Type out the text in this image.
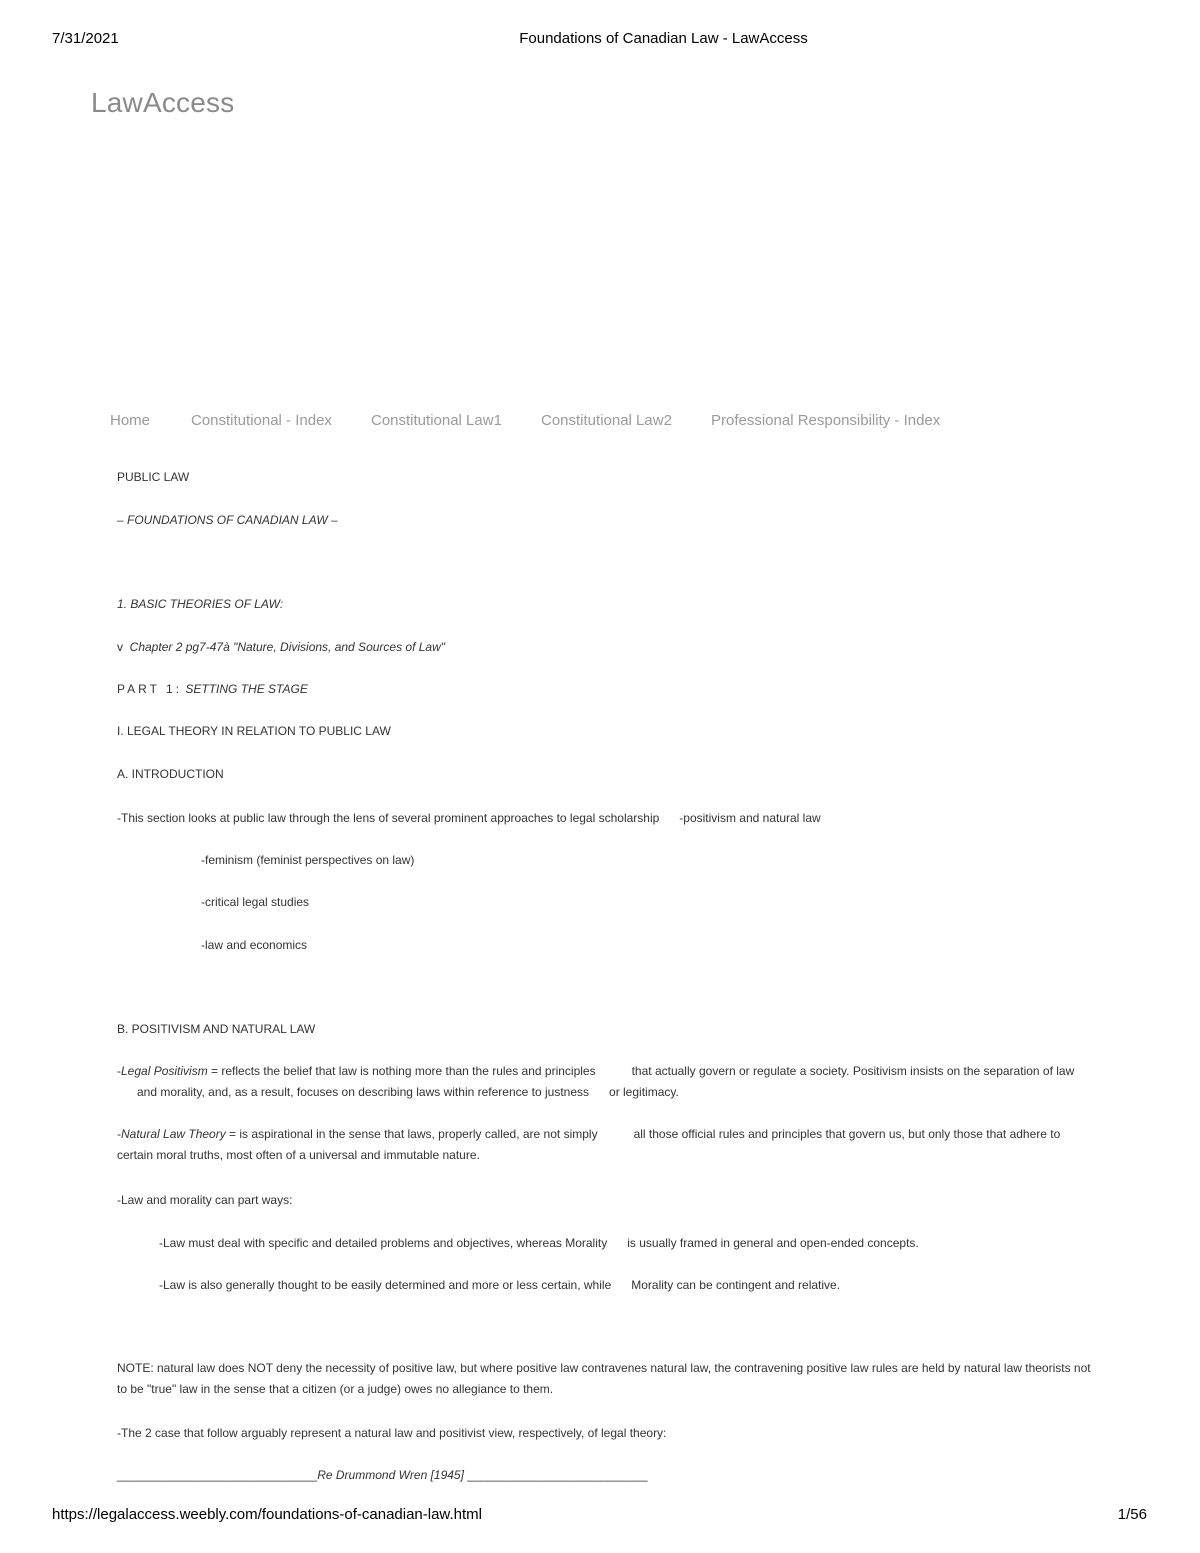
7/31/2021	Foundations of Canadian Law - LawAccess
LawAccess
Home	Constitutional - Index	Constitutional Law1	Constitutional Law2	Professional Responsibility - Index
PUBLIC LAW
– FOUNDATIONS OF CANADIAN LAW –
1. BASIC THEORIES OF LAW:
v Chapter 2 pg7-47à "Nature, Divisions, and Sources of Law"
PART 1: SETTING THE STAGE
I. LEGAL THEORY IN RELATION TO PUBLIC LAW
A. INTRODUCTION
-This section looks at public law through the lens of several prominent approaches to legal scholarship -positivism and natural law
-feminism (feminist perspectives on law)
-critical legal studies
-law and economics
B. POSITIVISM AND NATURAL LAW
-Legal Positivism = reflects the belief that law is nothing more than the rules and principles	that actually govern or regulate a society. Positivism insists on the separation of lawand morality, and, as a result, focuses on describing laws within reference to justness or legitimacy.
-Natural Law Theory = is aspirational in the sense that laws, properly called, are not simply	all those official rules and principles that govern us, but only those that adhere tocertain moral truths, most often of a universal and immutable nature.
-Law and morality can part ways:
-Law must deal with specific and detailed problems and objectives, whereas Morality is usually framed in general and open-ended concepts.
-Law is also generally thought to be easily determined and more or less certain, while Morality can be contingent and relative.
NOTE: natural law does NOT deny the necessity of positive law, but where positive law contravenes natural law, the contravening positive law rules are held by natural law theorists not to be "true" law in the sense that a citizen (or a judge) owes no allegiance to them.
-The 2 case that follow arguably represent a natural law and positivist view, respectively, of legal theory:
______________________________Re Drummond Wren [1945] ___________________________
https://legalaccess.weebly.com/foundations-of-canadian-law.html	1/56
